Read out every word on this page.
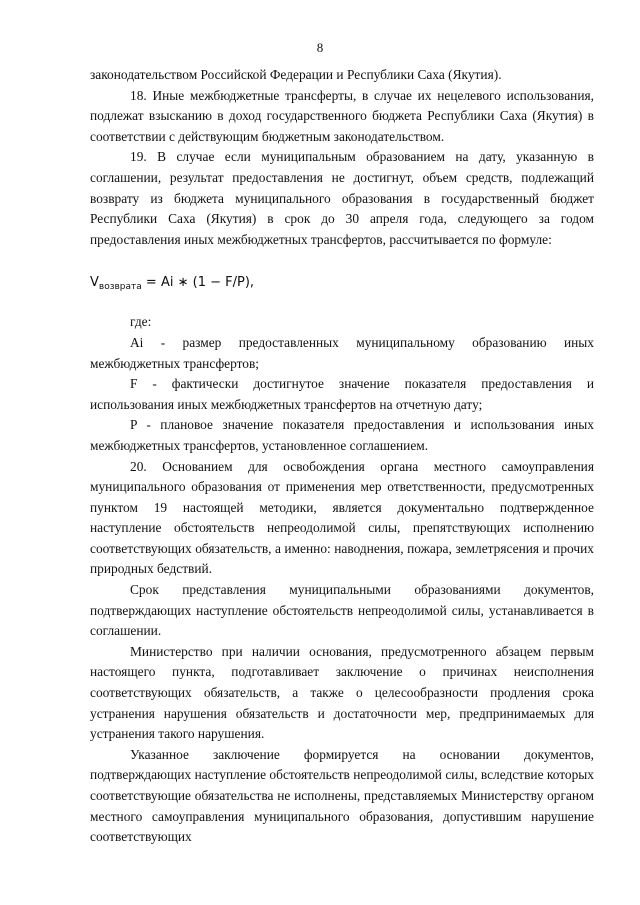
8

законодательством Российской Федерации и Республики Саха (Якутия).

18. Иные межбюджетные трансферты, в случае их нецелевого использования, подлежат взысканию в доход государственного бюджета Республики Саха (Якутия) в соответствии с действующим бюджетным законодательством.

19. В случае если муниципальным образованием на дату, указанную в соглашении, результат предоставления не достигнут, объем средств, подлежащий возврату из бюджета муниципального образования в государственный бюджет Республики Саха (Якутия) в срок до 30 апреля года, следующего за годом предоставления иных межбюджетных трансфертов, рассчитывается по формуле:

$V_{возврата} = Ai$ ∗ (1 − F/P),

где:

Ai - размер предоставленных муниципальному образованию иных межбюджетных трансфертов;

F - фактически достигнутое значение показателя предоставления и использования иных межбюджетных трансфертов на отчетную дату;

P - плановое значение показателя предоставления и использования иных межбюджетных трансфертов, установленное соглашением.

20. Основанием для освобождения органа местного самоуправления муниципального образования от применения мер ответственности, предусмотренных пунктом 19 настоящей методики, является документально подтвержденное наступление обстоятельств непреодолимой силы, препятствующих исполнению соответствующих обязательств, а именно: наводнения, пожара, землетрясения и прочих природных бедствий.

Срок представления муниципальными образованиями документов, подтверждающих наступление обстоятельств непреодолимой силы, устанавливается в соглашении.

Министерство при наличии основания, предусмотренного абзацем первым настоящего пункта, подготавливает заключение о причинах неисполнения соответствующих обязательств, а также о целесообразности продления срока устранения нарушения обязательств и достаточности мер, предпринимаемых для устранения такого нарушения.

Указанное заключение формируется на основании документов, подтверждающих наступление обстоятельств непреодолимой силы, вследствие которых соответствующие обязательства не исполнены, представляемых Министерству органом местного самоуправления муниципального образования, допустившим нарушение соответствующих
